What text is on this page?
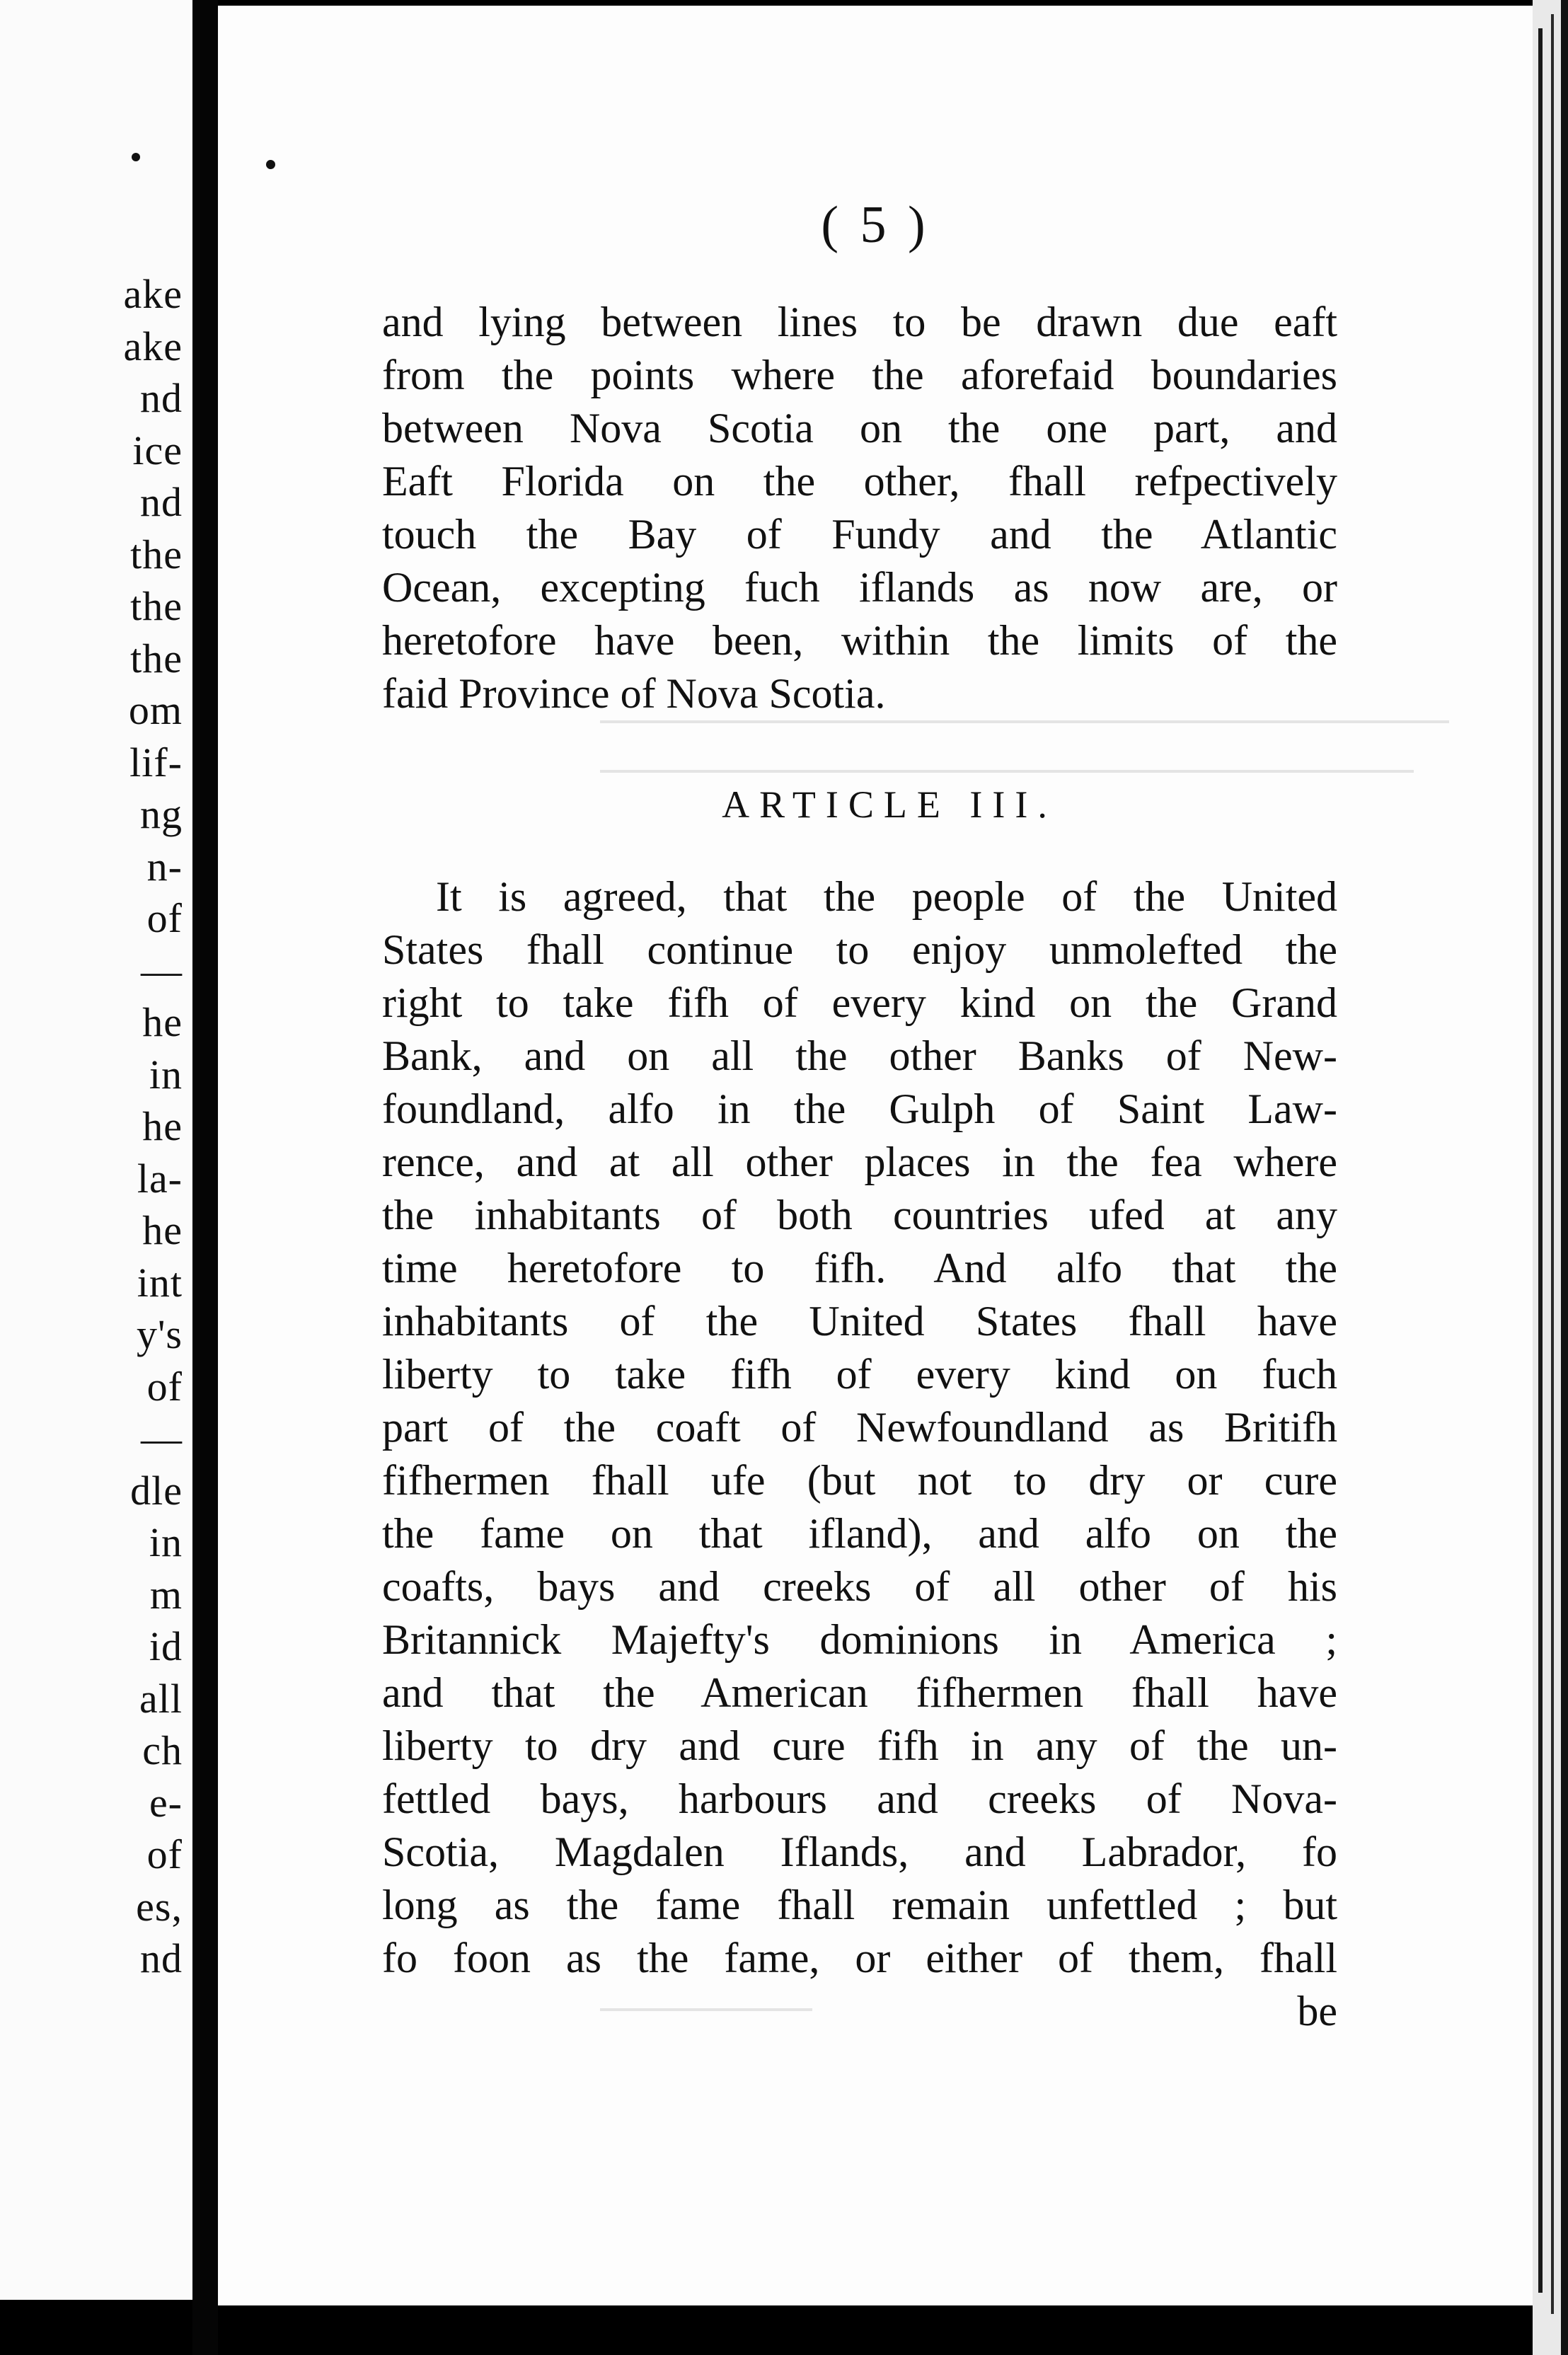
ake
ake
nd
ice
nd
the
the
the
om
lif-
ng
n-
of
—
he
in
he
la-
he
int
y's
of
—
dle
in
m
id
all
ch
e-
of
es,
nd
( 5 )
and lying between lines to be drawn due eaft
from the points where the aforefaid boundaries
between Nova Scotia on the one part, and
Eaft Florida on the other, fhall refpectively
touch the Bay of Fundy and the Atlantic
Ocean, excepting fuch iflands as now are, or
heretofore have been, within the limits of the
faid Province of Nova Scotia.
ARTICLE III.
It is agreed, that the people of the United
States fhall continue to enjoy unmolefted the
right to take fifh of every kind on the Grand
Bank, and on all the other Banks of New-
foundland, alfo in the Gulph of Saint Law-
rence, and at all other places in the fea where
the inhabitants of both countries ufed at any
time heretofore to fifh. And alfo that the
inhabitants of the United States fhall have
liberty to take fifh of every kind on fuch
part of the coaft of Newfoundland as Britifh
fifhermen fhall ufe (but not to dry or cure
the fame on that ifland), and alfo on the
coafts, bays and creeks of all other of his
Britannick Majefty's dominions in America ;
and that the American fifhermen fhall have
liberty to dry and cure fifh in any of the un-
fettled bays, harbours and creeks of Nova-
Scotia, Magdalen Iflands, and Labrador, fo
long as the fame fhall remain unfettled ; but
fo foon as the fame, or either of them, fhall
be
